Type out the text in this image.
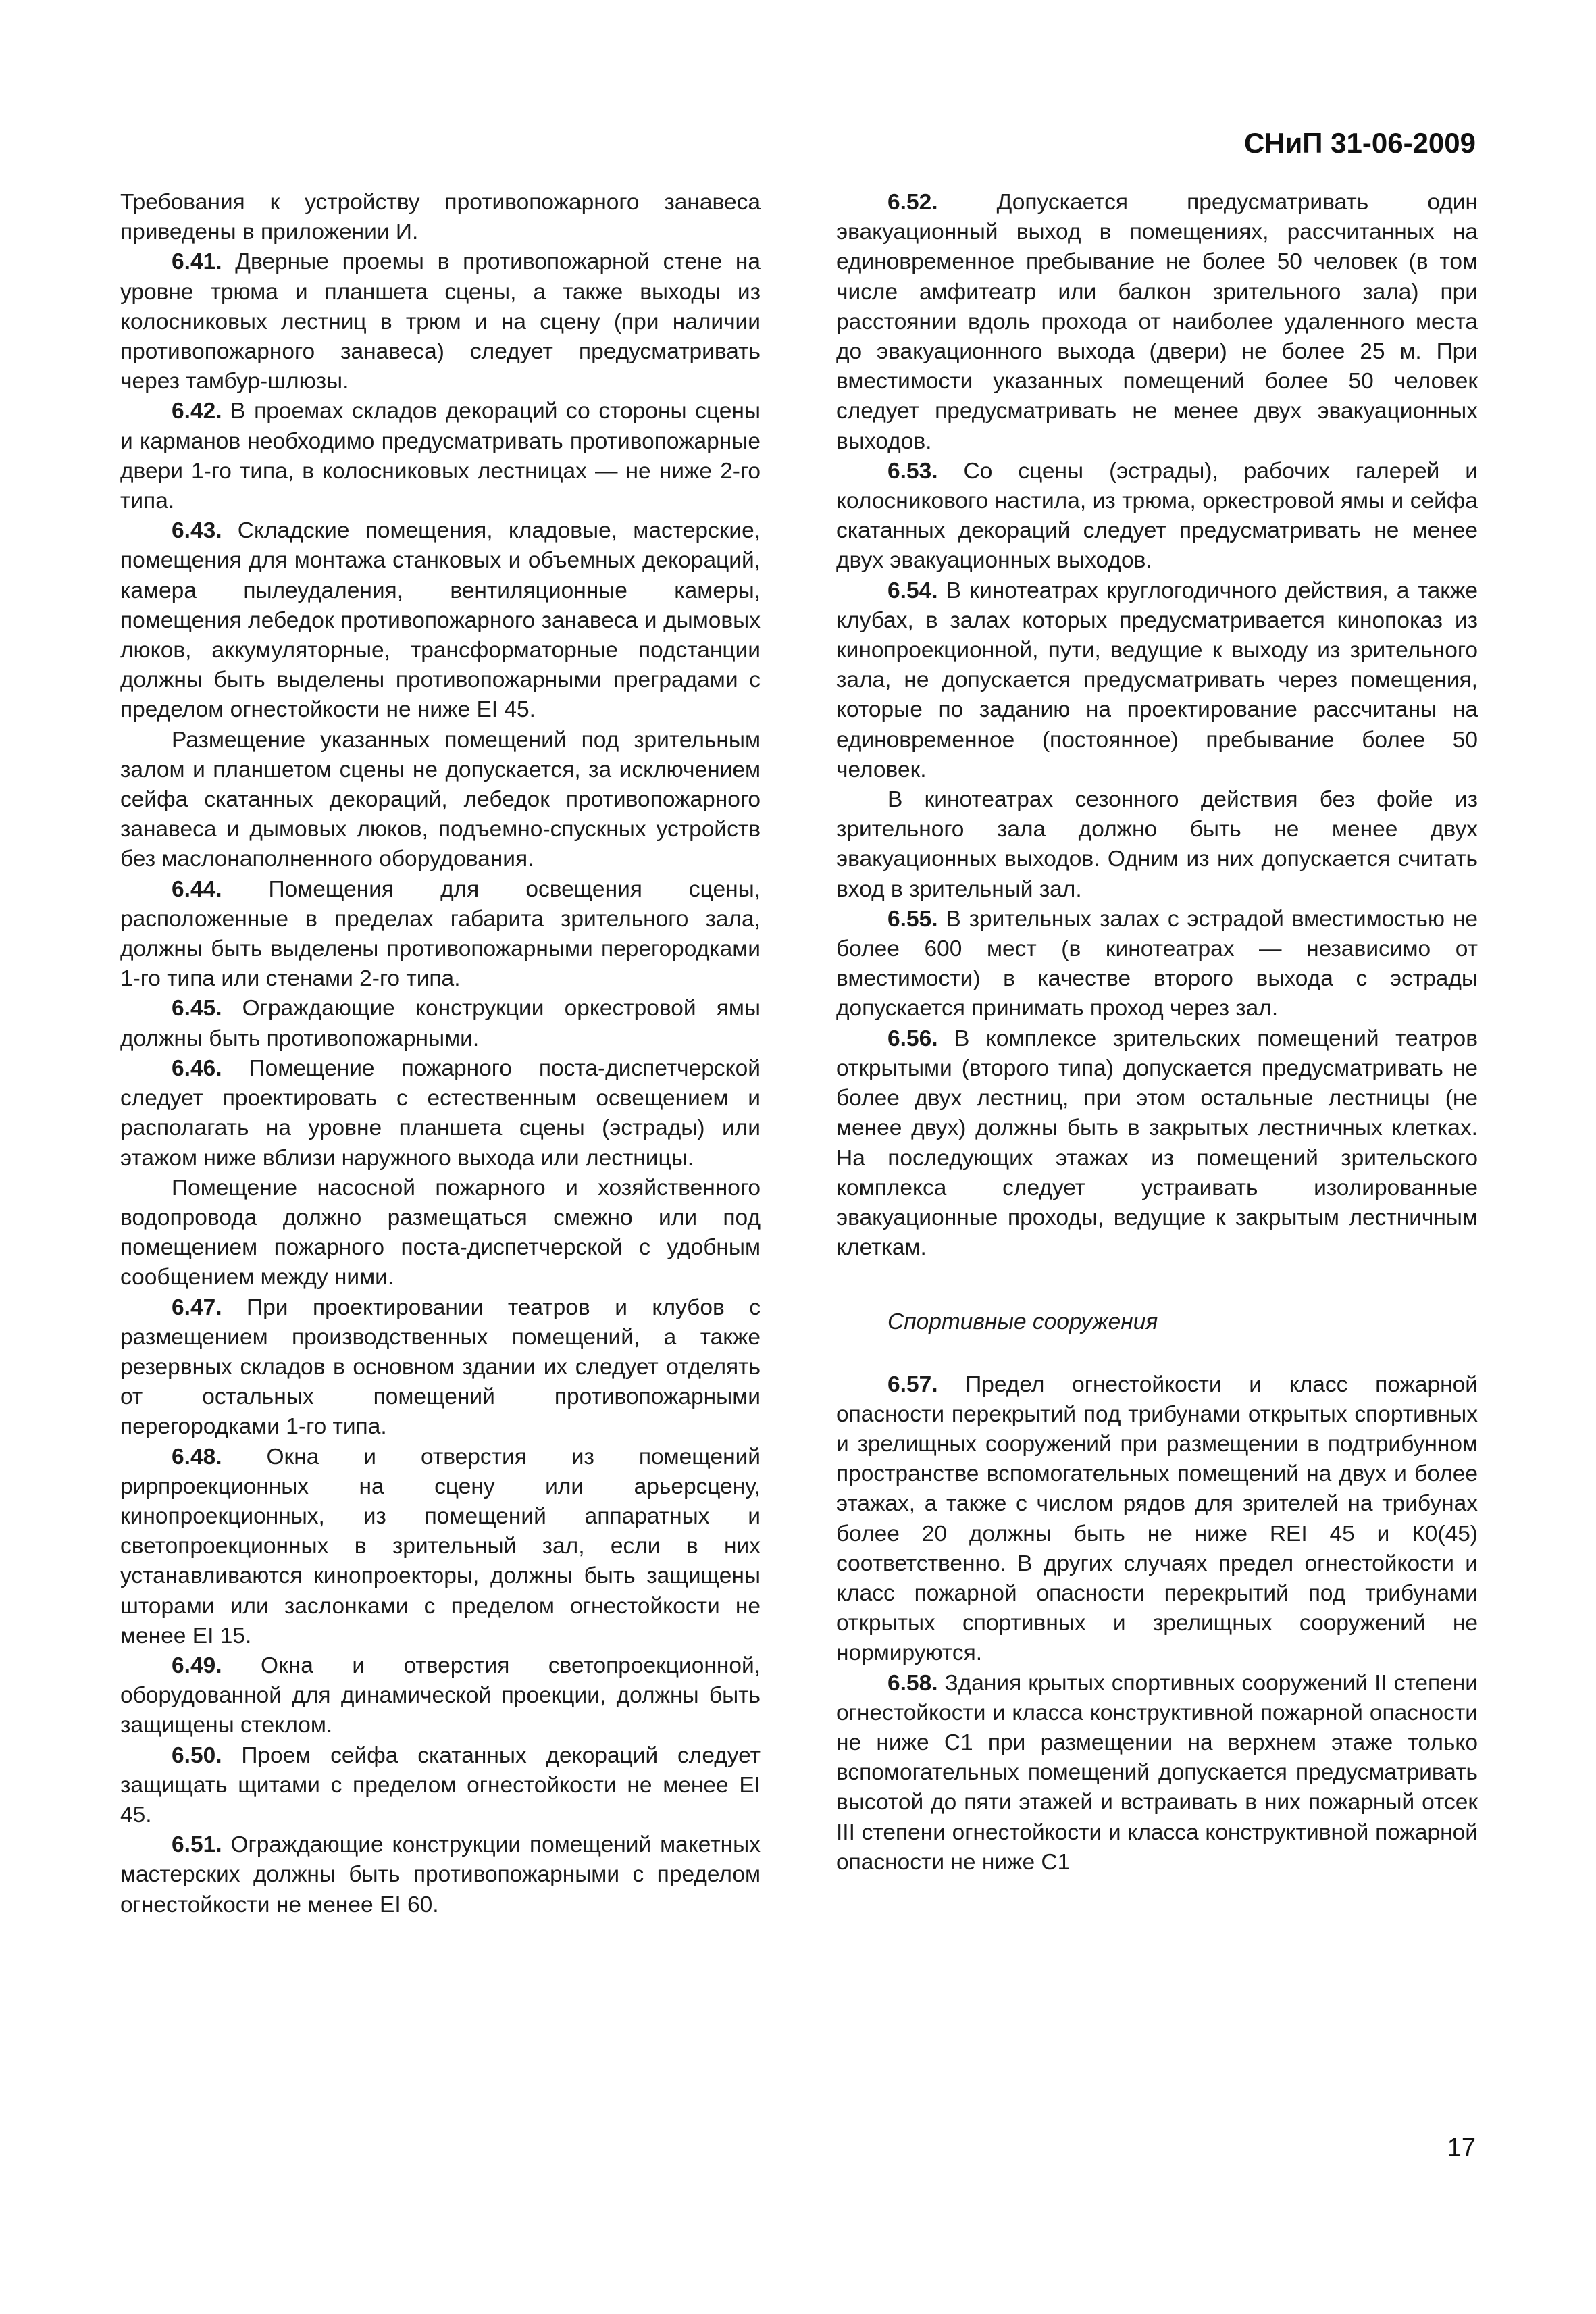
СНиП 31-06-2009

Требования к устройству противопожарного занавеса приведены в приложении И.

6.41. Дверные проемы в противопожарной стене на уровне трюма и планшета сцены, а также выходы из колосниковых лестниц в трюм и на сцену (при наличии противопожарного занавеса) следует предусматривать через тамбур-шлюзы.

6.42. В проемах складов декораций со стороны сцены и карманов необходимо предусматривать противопожарные двери 1-го типа, в колосниковых лестницах — не ниже 2-го типа.

6.43. Складские помещения, кладовые, мастерские, помещения для монтажа станковых и объемных декораций, камера пылеудаления, вентиляционные камеры, помещения лебедок противопожарного занавеса и дымовых люков, аккумуляторные, трансформаторные подстанции должны быть выделены противопожарными преградами с пределом огнестойкости не ниже EI 45.

Размещение указанных помещений под зрительным залом и планшетом сцены не допускается, за исключением сейфа скатанных декораций, лебедок противопожарного занавеса и дымовых люков, подъемно-спускных устройств без маслонаполненного оборудования.

6.44. Помещения для освещения сцены, расположенные в пределах габарита зрительного зала, должны быть выделены противопожарными перегородками 1-го типа или стенами 2-го типа.

6.45. Ограждающие конструкции оркестровой ямы должны быть противопожарными.

6.46. Помещение пожарного поста-диспетчерской следует проектировать с естественным освещением и располагать на уровне планшета сцены (эстрады) или этажом ниже вблизи наружного выхода или лестницы.

Помещение насосной пожарного и хозяйственного водопровода должно размещаться смежно или под помещением пожарного поста-диспетчерской с удобным сообщением между ними.

6.47. При проектировании театров и клубов с размещением производственных помещений, а также резервных складов в основном здании их следует отделять от остальных помещений противопожарными перегородками 1-го типа.

6.48. Окна и отверстия из помещений рирпроекционных на сцену или арьерсцену, кинопроекционных, из помещений аппаратных и светопроекционных в зрительный зал, если в них устанавливаются кинопроекторы, должны быть защищены шторами или заслонками с пределом огнестойкости не менее EI 15.

6.49. Окна и отверстия светопроекционной, оборудованной для динамической проекции, должны быть защищены стеклом.

6.50. Проем сейфа скатанных декораций следует защищать щитами с пределом огнестойкости не менее EI 45.

6.51. Ограждающие конструкции помещений макетных мастерских должны быть противопожарными с пределом огнестойкости не менее EI 60.

6.52.	Допускается предусматривать один эвакуационный выход в помещениях, рассчитанных на единовременное пребывание не более 50 человек (в том числе амфитеатр или балкон зрительного зала) при расстоянии вдоль прохода от наиболее удаленного места до эвакуационного выхода (двери) не более 25 м. При вместимости указанных помещений более 50 человек следует предусматривать не менее двух эвакуационных выходов.

6.53. Со сцены (эстрады), рабочих галерей и колосникового настила, из трюма, оркестровой ямы и сейфа скатанных декораций следует предусматривать не менее двух эвакуационных выходов.

6.54. В кинотеатрах круглогодичного действия, а также клубах, в залах которых предусматривается кинопоказ из кинопроекционной, пути, ведущие к выходу из зрительного зала, не допускается предусматривать через помещения, которые по заданию на проектирование рассчитаны на единовременное (постоянное) пребывание более 50 человек.

В кинотеатрах сезонного действия без фойе из зрительного зала должно быть не менее двух эвакуационных выходов. Одним из них допускается считать вход в зрительный зал.

6.55. В зрительных залах с эстрадой вместимостью не более 600 мест (в кинотеатрах — независимо от вместимости) в качестве второго выхода с эстрады допускается принимать проход через зал.

6.56. В комплексе зрительских помещений театров открытыми (второго типа) допускается предусматривать не более двух лестниц, при этом остальные лестницы (не менее двух) должны быть в закрытых лестничных клетках. На последующих этажах из помещений зрительского комплекса следует устраивать изолированные эвакуационные проходы, ведущие к закрытым лестничным клеткам.

Спортивные сооружения

6.57. Предел огнестойкости и класс пожарной опасности перекрытий под трибунами открытых спортивных и зрелищных сооружений при размещении в подтрибунном пространстве вспомогательных помещений на двух и более этажах, а также с числом рядов для зрителей на трибунах более 20 должны быть не ниже REI 45 и К0(45) соответственно. В других случаях предел огнестойкости и класс пожарной опасности перекрытий под трибунами открытых спортивных и зрелищных сооружений не нормируются.

6.58. Здания крытых спортивных сооружений II степени огнестойкости и класса конструктивной пожарной опасности не ниже С1 при размещении на верхнем этаже только вспомогательных помещений допускается предусматривать высотой до пяти этажей и встраивать в них пожарный отсек III степени огнестойкости и класса конструктивной пожарной опасности не ниже С1

17
